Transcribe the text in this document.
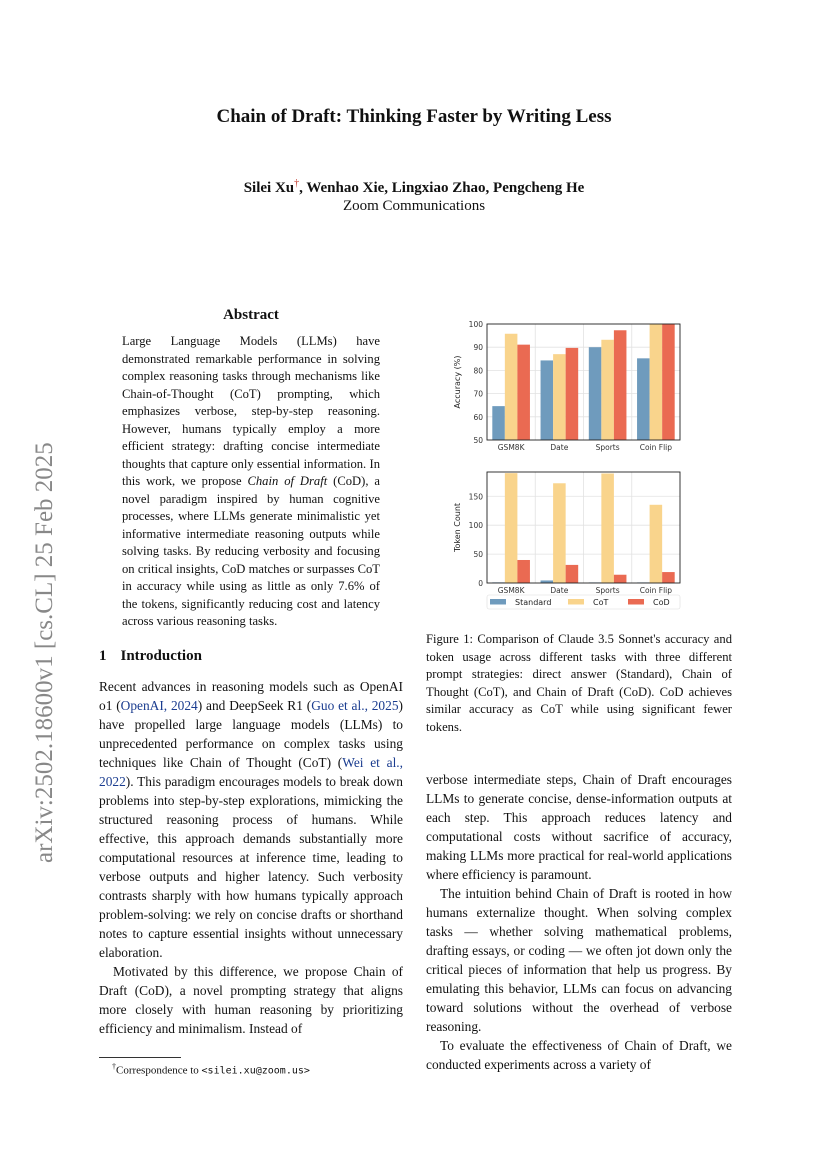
arXiv:2502.18600v1 [cs.CL] 25 Feb 2025
Chain of Draft: Thinking Faster by Writing Less
Silei Xu†, Wenhao Xie, Lingxiao Zhao, Pengcheng He
Zoom Communications
Abstract
Large Language Models (LLMs) have demonstrated remarkable performance in solving complex reasoning tasks through mechanisms like Chain-of-Thought (CoT) prompting, which emphasizes verbose, step-by-step reasoning. However, humans typically employ a more efficient strategy: drafting concise intermediate thoughts that capture only essential information. In this work, we propose Chain of Draft (CoD), a novel paradigm inspired by human cognitive processes, where LLMs generate minimalistic yet informative intermediate reasoning outputs while solving tasks. By reducing verbosity and focusing on critical insights, CoD matches or surpasses CoT in accuracy while using as little as only 7.6% of the tokens, significantly reducing cost and latency across various reasoning tasks.
1 Introduction

Recent advances in reasoning models such as OpenAI o1 (OpenAI, 2024) and DeepSeek R1 (Guo et al., 2025) have propelled large language models (LLMs) to unprecedented performance on complex tasks using techniques like Chain of Thought (CoT) (Wei et al., 2022). This paradigm encourages models to break down problems into step-by-step explorations, mimicking the structured reasoning process of humans. While effective, this approach demands substantially more computational resources at inference time, leading to verbose outputs and higher latency. Such verbosity contrasts sharply with how humans typically approach problem-solving: we rely on concise drafts or shorthand notes to capture essential insights without unnecessary elaboration.

Motivated by this difference, we propose Chain of Draft (CoD), a novel prompting strategy that aligns more closely with human reasoning by prioritizing efficiency and minimalism. Instead of

†Correspondence to <silei.xu@zoom.us>
50
60
70
80
90
100
GSM8K	Date	Sports	Coin Flip
Accuracy (%)
0
50
100
150
GSM8K	Date	Sports	Coin Flip
Token Count
Standard	CoT	CoD
Figure 1: Comparison of Claude 3.5 Sonnet's accuracy and token usage across different tasks with three different prompt strategies: direct answer (Standard), Chain of Thought (CoT), and Chain of Draft (CoD). CoD achieves similar accuracy as CoT while using significant fewer tokens.

verbose intermediate steps, Chain of Draft encourages LLMs to generate concise, dense-information outputs at each step. This approach reduces latency and computational costs without sacrifice of accuracy, making LLMs more practical for real-world applications where efficiency is paramount.

The intuition behind Chain of Draft is rooted in how humans externalize thought. When solving complex tasks — whether solving mathematical problems, drafting essays, or coding — we often jot down only the critical pieces of information that help us progress. By emulating this behavior, LLMs can focus on advancing toward solutions without the overhead of verbose reasoning.

To evaluate the effectiveness of Chain of Draft, we conducted experiments across a variety of
